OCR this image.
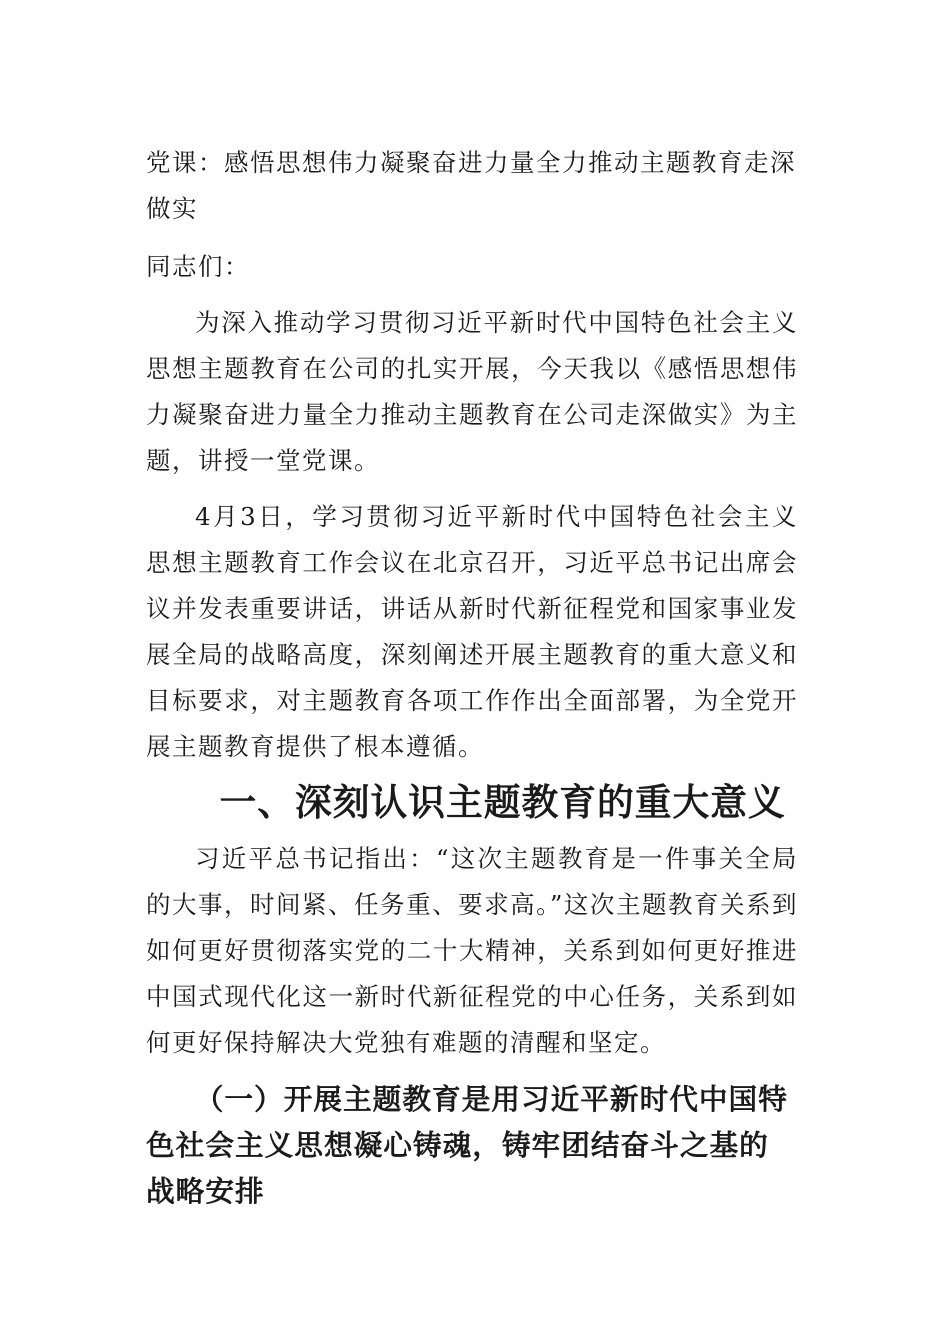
党课：感悟思想伟力凝聚奋进力量全力推动主题教育走深做实

同志们：

为深入推动学习贯彻习近平新时代中国特色社会主义思想主题教育在公司的扎实开展，今天我以《感悟思想伟力凝聚奋进力量全力推动主题教育在公司走深做实》为主题，讲授一堂党课。

4月3日，学习贯彻习近平新时代中国特色社会主义思想主题教育工作会议在北京召开，习近平总书记出席会议并发表重要讲话，讲话从新时代新征程党和国家事业发展全局的战略高度，深刻阐述开展主题教育的重大意义和目标要求，对主题教育各项工作作出全面部署，为全党开展主题教育提供了根本遵循。

一、深刻认识主题教育的重大意义

习近平总书记指出：“这次主题教育是一件事关全局的大事，时间紧、任务重、要求高。”这次主题教育关系到如何更好贯彻落实党的二十大精神，关系到如何更好推进中国式现代化这一新时代新征程党的中心任务，关系到如何更好保持解决大党独有难题的清醒和坚定。

（一）开展主题教育是用习近平新时代中国特色社会主义思想凝心铸魂，铸牢团结奋斗之基的战略安排
